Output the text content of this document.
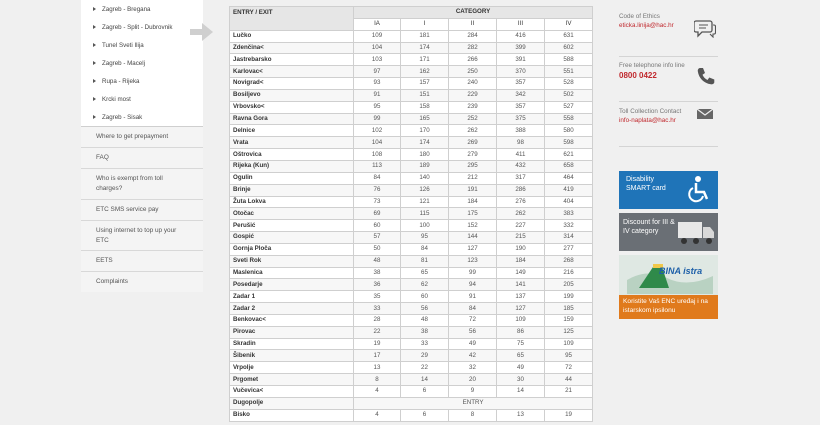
Zagreb - Bregana
Zagreb - Split - Dubrovnik
Tunel Sveti Ilija
Zagreb - Macelj
Rupa - Rijeka
Krcki most
Zagreb - Sisak
Where to get prepayment
FAQ
Who is exempt from toll charges?
ETC SMS service pay
Using internet to top up your ETC
EETS
Complaints
ENTRY / EXIT	CATEGORY				
	IA	I	II	III	IV
Lučko	109	181	284	416	631
Zdenčina<	104	174	282	399	602
Jastrebarsko	103	171	266	391	588
Karlovac<	97	162	250	370	551
Novigrad<	93	157	240	357	528
Bosiljevo	91	151	229	342	502
Vrbovsko<	95	158	239	357	527
Ravna Gora	99	165	252	375	558
Delnice	102	170	262	388	580
Vrata	104	174	269	98	598
Oštrovica	108	180	279	411	621
Rijeka (Kun)	113	189	295	432	658
Ogulin	84	140	212	317	464
Brinje	76	126	191	286	419
Žuta Lokva	73	121	184	276	404
Otočac	69	115	175	262	383
Perušić	60	100	152	227	332
Gospić	57	95	144	215	314
Gornja Ploča	50	84	127	190	277
Sveti Rok	48	81	123	184	268
Maslenica	38	65	99	149	216
Posedarje	36	62	94	141	205
Zadar 1	35	60	91	137	199
Zadar 2	33	56	84	127	185
Benkovac<	28	48	72	109	159
Pirovac	22	38	56	86	125
Skradin	19	33	49	75	109
Šibenik	17	29	42	65	95
Vrpolje	13	22	32	49	72
Prgomet	8	14	20	30	44
Vučevica<	4	6	9	14	21
Dugopolje	ENTRY				
Bisko	4	6	8	13	19
Code of Ethics
eticka.linija@hac.hr
Free telephone info line
0800 0422
Toll Collection Contact
info-naplata@hac.hr
Disability SMART card
Discount for III & IV category
BINA istra
Koristite Vaš ENC uređaj i na istarskom ipsilonu
